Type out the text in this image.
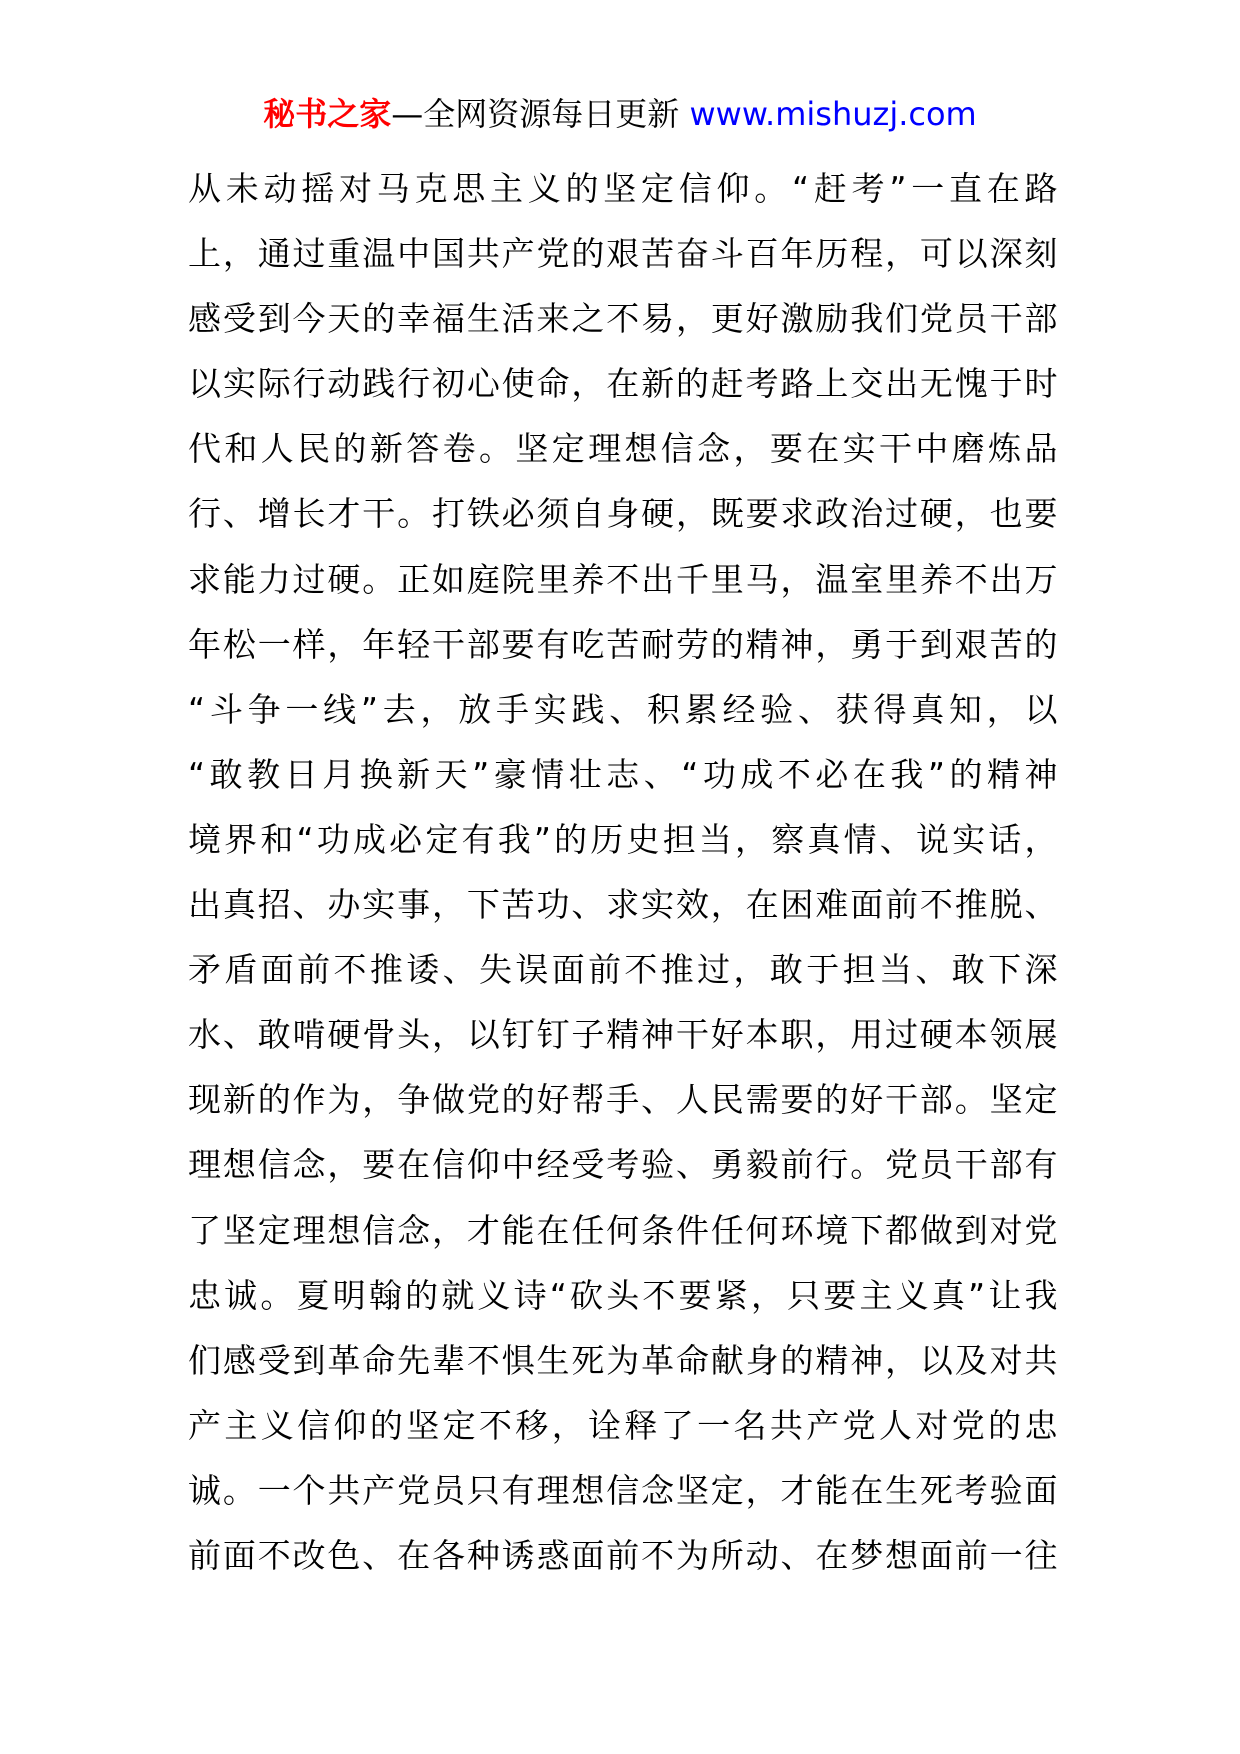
秘书之家—全网资源每日更新 www.mishuzj.com
从未动摇对马克思主义的坚定信仰。“赶考”一直在路
上，通过重温中国共产党的艰苦奋斗百年历程，可以深刻
感受到今天的幸福生活来之不易，更好激励我们党员干部
以实际行动践行初心使命，在新的赶考路上交出无愧于时
代和人民的新答卷。坚定理想信念，要在实干中磨炼品
行、增长才干。打铁必须自身硬，既要求政治过硬，也要
求能力过硬。正如庭院里养不出千里马，温室里养不出万
年松一样，年轻干部要有吃苦耐劳的精神，勇于到艰苦的
“斗争一线”去，放手实践、积累经验、获得真知，以
“敢教日月换新天”豪情壮志、“功成不必在我”的精神
境界和“功成必定有我”的历史担当，察真情、说实话，
出真招、办实事，下苦功、求实效，在困难面前不推脱、
矛盾面前不推诿、失误面前不推过，敢于担当、敢下深
水、敢啃硬骨头，以钉钉子精神干好本职，用过硬本领展
现新的作为，争做党的好帮手、人民需要的好干部。坚定
理想信念，要在信仰中经受考验、勇毅前行。党员干部有
了坚定理想信念，才能在任何条件任何环境下都做到对党
忠诚。夏明翰的就义诗“砍头不要紧，只要主义真”让我
们感受到革命先辈不惧生死为革命献身的精神，以及对共
产主义信仰的坚定不移，诠释了一名共产党人对党的忠
诚。一个共产党员只有理想信念坚定，才能在生死考验面
前面不改色、在各种诱惑面前不为所动、在梦想面前一往
